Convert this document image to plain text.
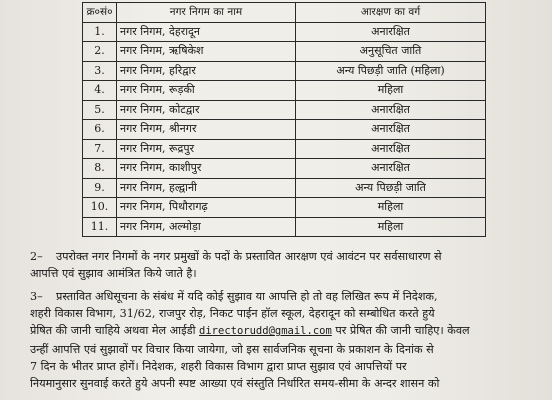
क्र०सं०	नगर निगम का नाम	आरक्षण का वर्ग
1.	नगर निगम, देहरादून	अनारक्षित
2.	नगर निगम, ऋषिकेश	अनुसूचित जाति
3.	नगर निगम, हरिद्वार	अन्य पिछड़ी जाति (महिला)
4.	नगर निगम, रूड़की	महिला
5.	नगर निगम, कोटद्वार	अनारक्षित
6.	नगर निगम, श्रीनगर	अनारक्षित
7.	नगर निगम, रूद्रपुर	अनारक्षित
8.	नगर निगम, काशीपुर	अनारक्षित
9.	नगर निगम, हल्द्वानी	अन्य पिछड़ी जाति
10.	नगर निगम, पिथौरागढ़	महिला
11.	नगर निगम, अल्मोड़ा	महिला
2– उपरोक्त नगर निगमों के नगर प्रमुखों के पदों के प्रस्तावित आरक्षण एवं आवंटन पर सर्वसाधारण से
आपत्ति एवं सुझाव आमंत्रित किये जाते है।
3– प्रस्तावित अधिसूचना के संबंध में यदि कोई सुझाव या आपत्ति हो तो वह लिखित रूप में निदेशक,
शहरी विकास विभाग, 31/62, राजपुर रोड़, निकट पाईन हॉल स्कूल, देहरादून को सम्बोधित करते हुये
प्रेषित की जानी चाहिये अथवा मेल आईडी directorudd@gmail.com पर प्रेषित की जानी चाहिए। केवल
उन्हीं आपत्ति एवं सुझावों पर विचार किया जायेगा, जो इस सार्वजनिक सूचना के प्रकाशन के दिनांक से
7 दिन के भीतर प्राप्त होगें। निदेशक, शहरी विकास विभाग द्वारा प्राप्त सुझाव एवं आपत्तियों पर
नियमानुसार सुनवाई करते हुये अपनी स्पष्ट आख्या एवं संस्तुति निर्धारित समय-सीमा के अन्दर शासन को
